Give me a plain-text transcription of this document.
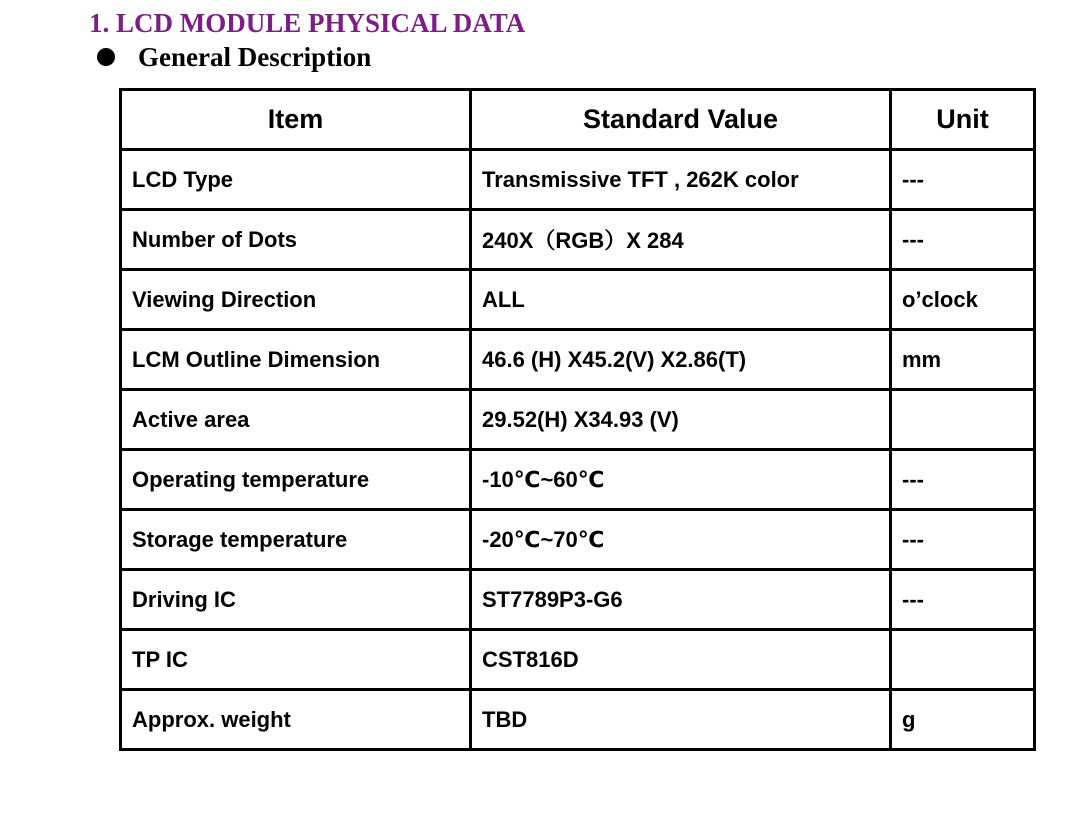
1. LCD MODULE PHYSICAL DATA
General Description
Item	Standard Value	Unit
LCD Type	Transmissive TFT , 262K color	---
Number of Dots	240X（RGB）X 284	---
Viewing Direction	ALL	o’clock
LCM Outline Dimension	46.6 (H) X45.2(V) X2.86(T)	mm
Active area	29.52(H) X34.93 (V)	
Operating temperature	-10℃~60℃	---
Storage temperature	-20℃~70℃	---
Driving IC	ST7789P3-G6	---
TP IC	CST816D	
Approx. weight	TBD	g
